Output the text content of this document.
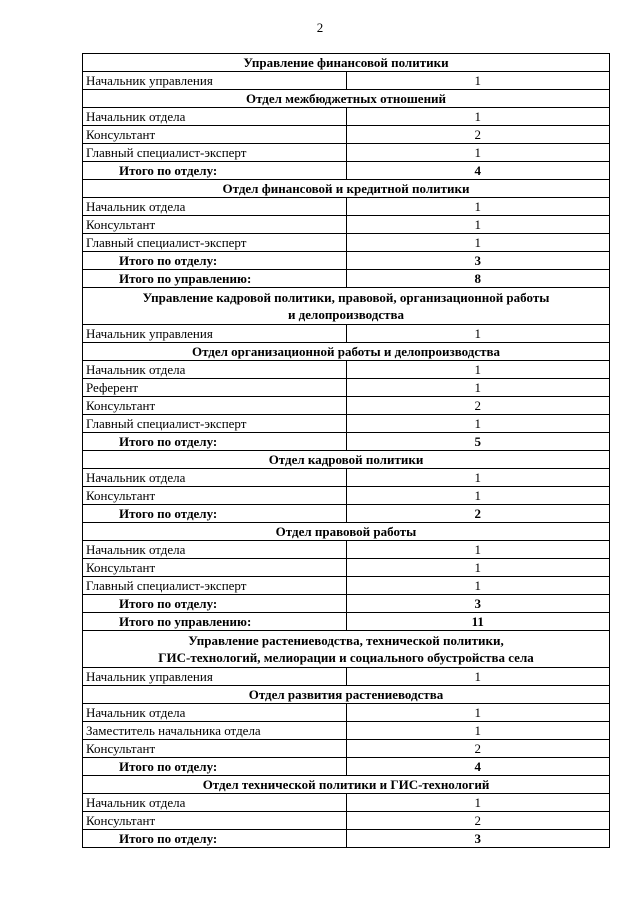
2
Управление финансовой политики	

Начальник управления	1

Отдел межбюджетных отношений	

Начальник отдела	1
Консультант	2
Главный специалист-эксперт	1
Итого по отделу:	4

Отдел финансовой и кредитной политики	

Начальник отдела	1
Консультант	1
Главный специалист-эксперт	1
Итого по отделу:	3
Итого по управлению:	8

Управление кадровой политики, правовой, организационной работы
и делопроизводства	

Начальник управления	1

Отдел организационной работы и делопроизводства	

Начальник отдела	1
Референт	1
Консультант	2
Главный специалист-эксперт	1
Итого по отделу:	5

Отдел кадровой политики	

Начальник отдела	1
Консультант	1
Итого по отделу:	2

Отдел правовой работы	

Начальник отдела	1
Консультант	1
Главный специалист-эксперт	1
Итого по отделу:	3
Итого по управлению:	11

Управление растениеводства, технической политики,
ГИС-технологий, мелиорации и социального обустройства села	

Начальник управления	1

Отдел развития растениеводства	

Начальник отдела	1
Заместитель начальника отдела	1
Консультант	2
Итого по отделу:	4

Отдел технической политики и ГИС-технологий	

Начальник отдела	1
Консультант	2
Итого по отделу:	3
